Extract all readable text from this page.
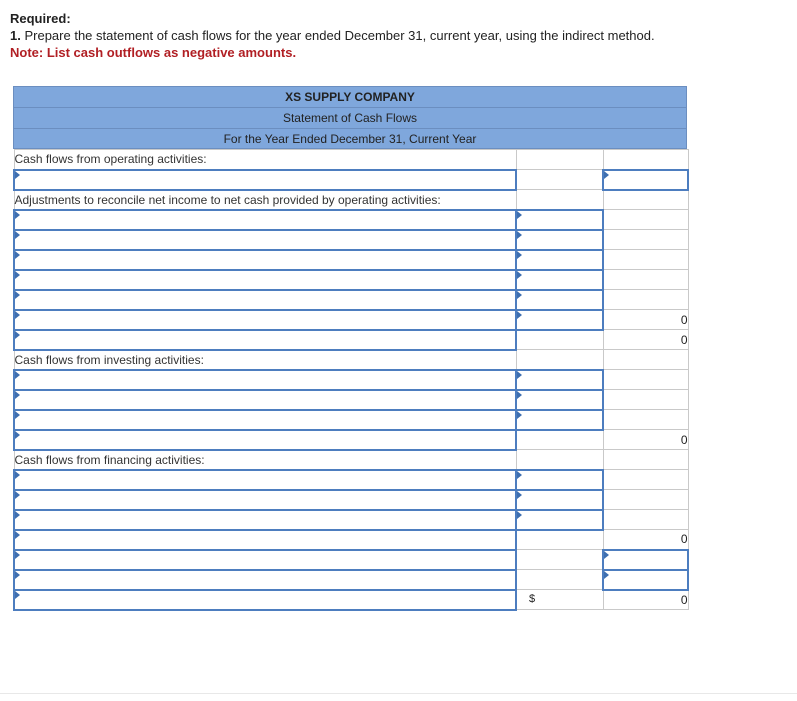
Required:
1. Prepare the statement of cash flows for the year ended December 31, current year, using the indirect method.
Note: List cash outflows as negative amounts.
XS SUPPLY COMPANY
Statement of Cash Flows
For the Year Ended December 31, Current Year
Cash flows from operating activities:		

Adjustments to reconcile net income to net cash provided by operating activities:		

		0
		0
Cash flows from investing activities:		

		0
Cash flows from financing activities:		

		0

	$	0
